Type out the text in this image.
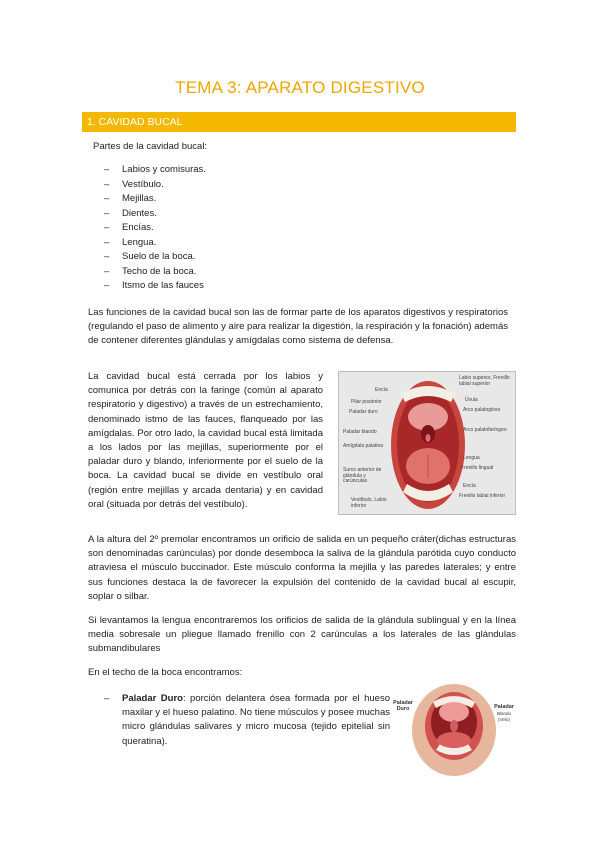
TEMA 3: APARATO DIGESTIVO
1. CAVIDAD BUCAL
Partes de la cavidad bucal:
– Labios y comisuras.
– Vestíbulo.
– Mejillas.
– Dientes.
– Encías.
– Lengua.
– Suelo de la boca.
– Techo de la boca.
– Itsmo de las fauces

Las funciones de la cavidad bucal son las de formar parte de los aparatos digestivos y respiratorios (regulando el paso de alimento y aire para realizar la digestión, la respiración y la fonación) además de contener diferentes glándulas y amígdalas como sistema de defensa.

La cavidad bucal está cerrada por los labios y comunica por detrás con la faringe (común al aparato respiratorio y digestivo) a través de un estrechamiento, denominado istmo de las fauces, flanqueado por las amígdalas. Por otro lado, la cavidad bucal está limitada a los lados por las mejillas, superiormente por el paladar duro y blando, inferiormente por el suelo de la boca. La cavidad bucal se divide en vestíbulo oral (región entre mejillas y arcada dentaria) y en cavidad oral (situada por detrás del vestíbulo).

Encía
Pilar posterior
Paladar duro
Paladar blando
Amígdala palatina
Surco anterior de glándula y carúnculas
Vestíbulo, Labio inferior
Labio superior, Frenillo labial superior
Úvula
Arco palatogloso
Arco palatofaríngeo
Lengua
Frenillo lingual
Encía
Frenillo labial inferior

A la altura del 2º premolar encontramos un orificio de salida en un pequeño cráter(dichas estructuras son denominadas carúnculas) por donde desemboca la saliva de la glándula parótida cuyo conducto atraviesa el músculo buccinador. Este músculo conforma la mejilla y las paredes laterales; y entre sus funciones destaca la de favorecer la expulsión del contenido de la cavidad bucal al escupir, soplar o silbar.

Si levantamos la lengua encontraremos los orificios de salida de la glándula sublingual y en la línea media sobresale un pliegue llamado frenillo con 2 carúnculas a los laterales de las glándulas submandibulares

En el techo de la boca encontramos:

– Paladar Duro: porción delantera ósea formada por el hueso maxilar y el hueso palatino. No tiene músculos y posee muchas micro glándulas salivares y micro mucosa (tejido epitelial sin queratina).
Paladar Duro	Paladar
Blando (Velo)
